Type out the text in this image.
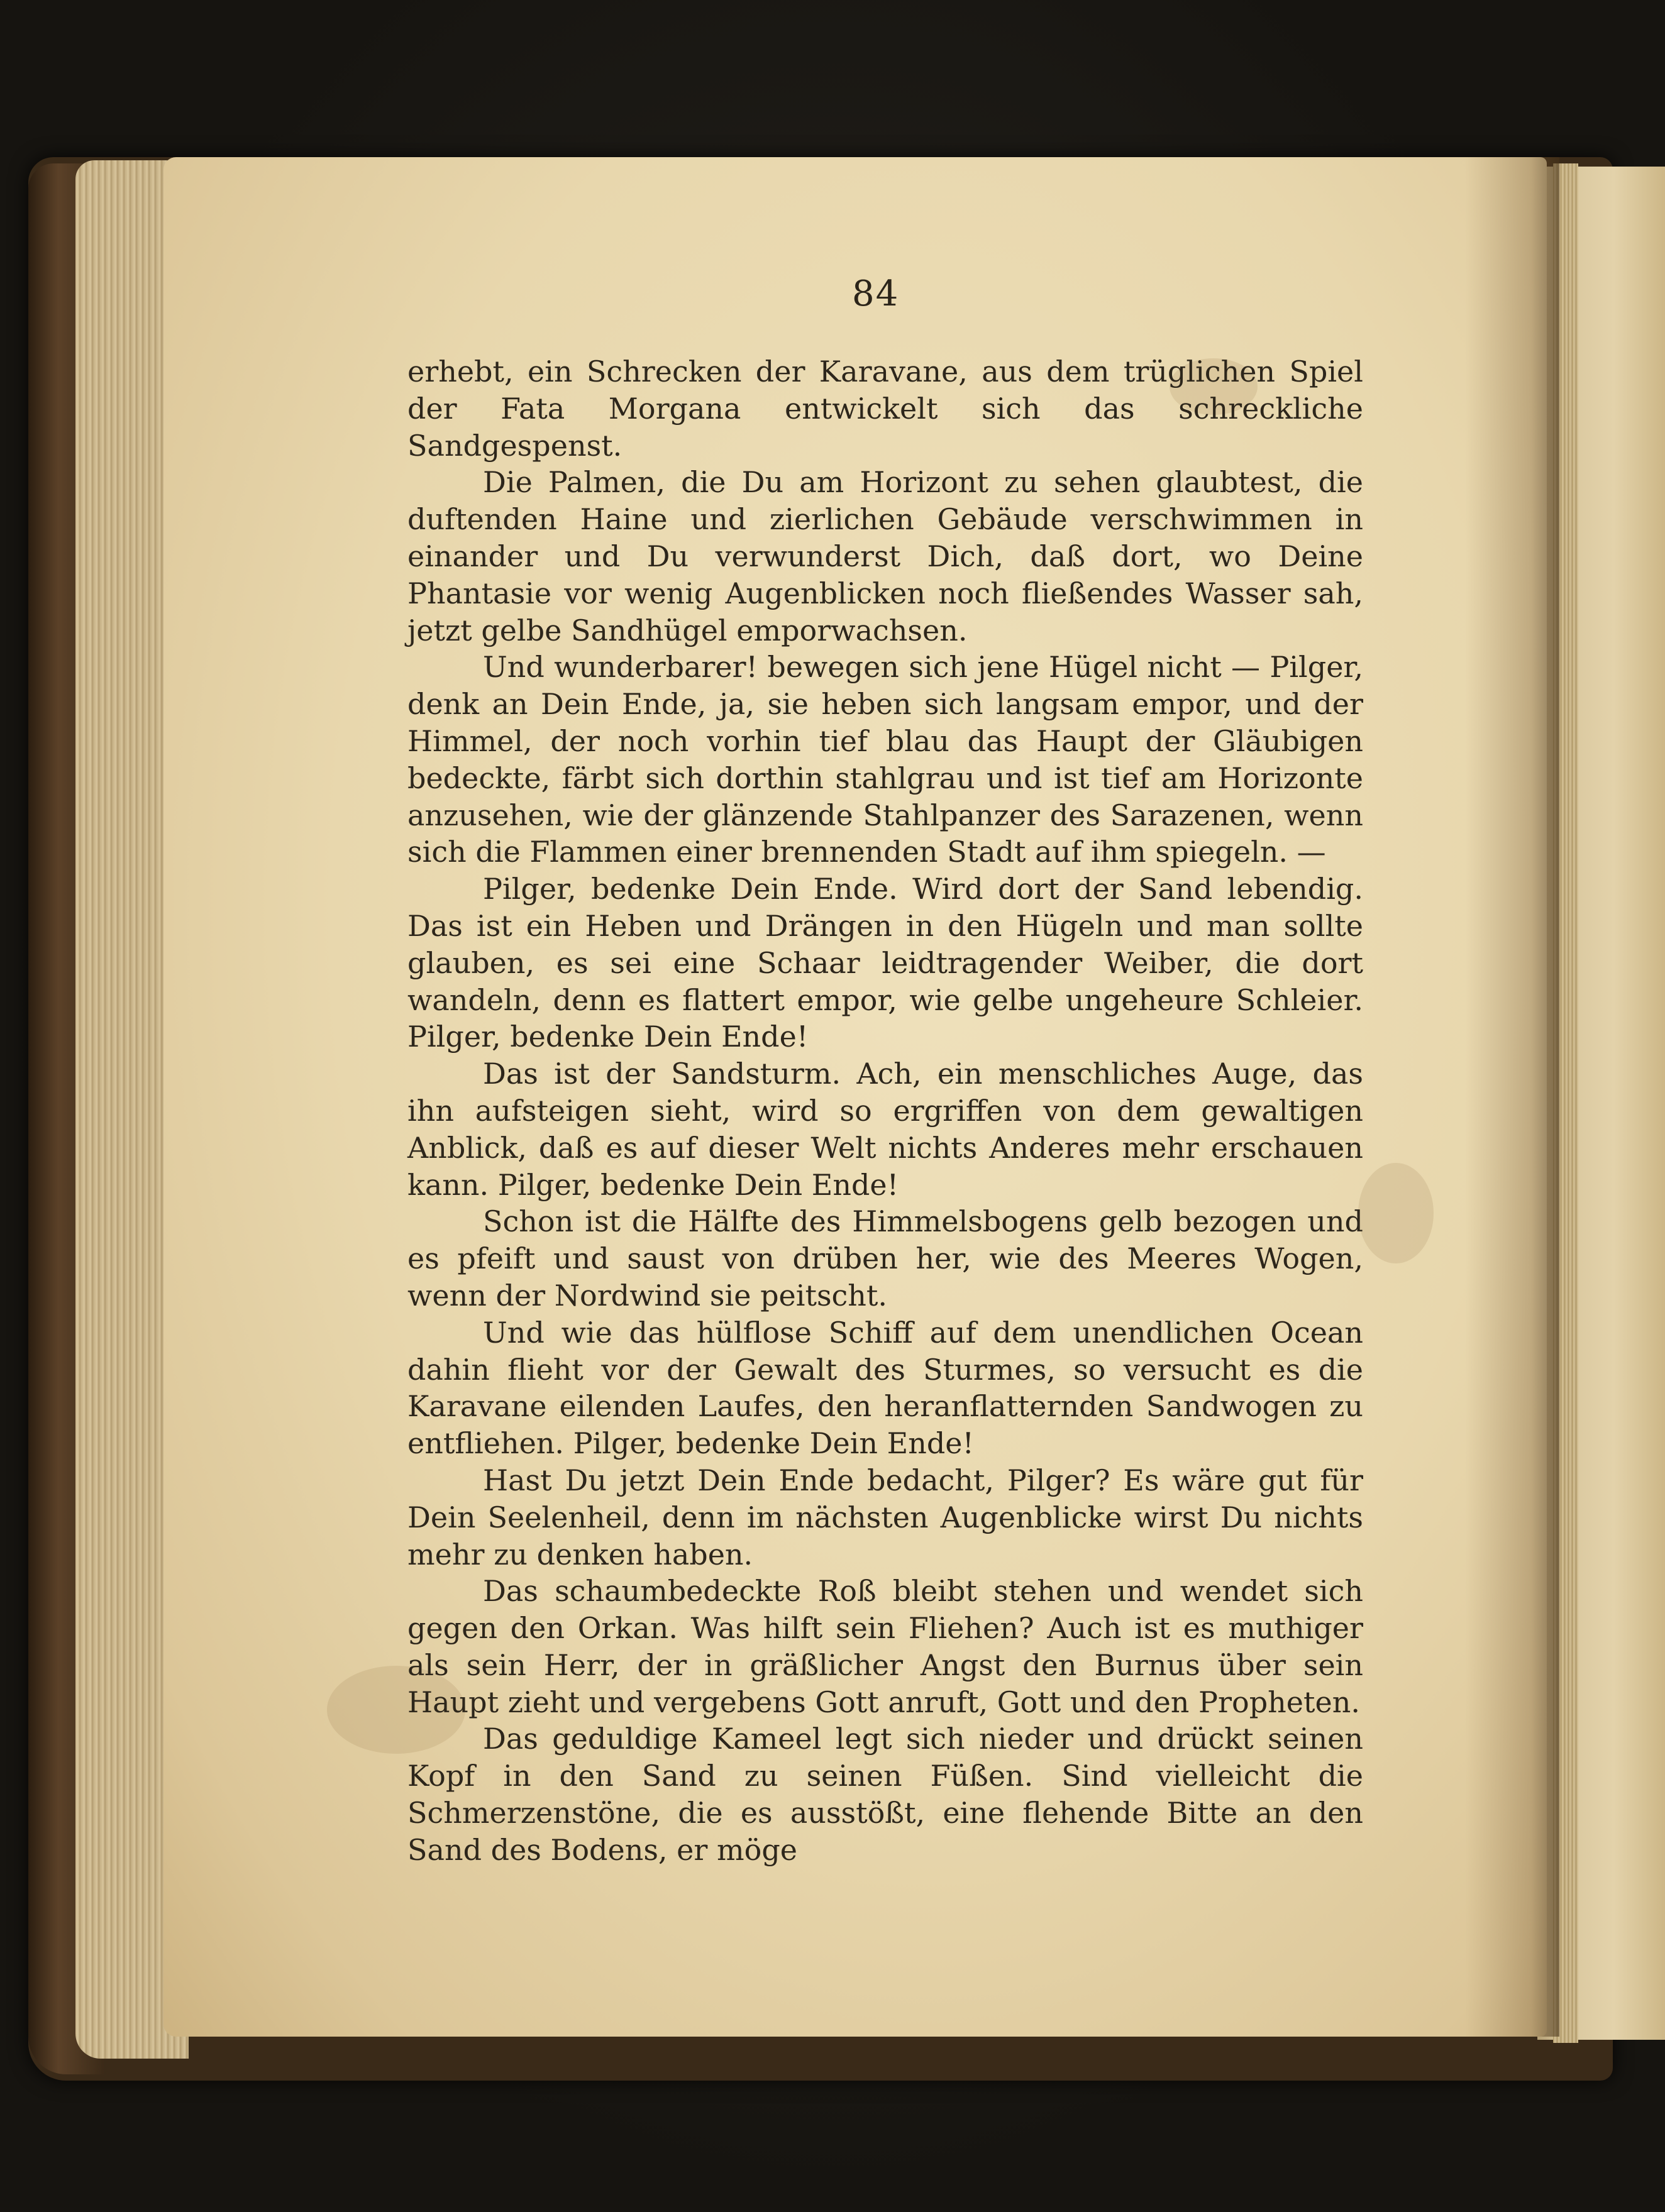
84

erhebt, ein Schrecken der Karavane, aus dem trüglichen Spiel der Fata Morgana entwickelt sich das schreckliche Sandgespenst.

Die Palmen, die Du am Horizont zu sehen glaubtest, die duftenden Haine und zierlichen Gebäude verschwimmen in einander und Du verwunderst Dich, daß dort, wo Deine Phantasie vor wenig Augenblicken noch fließendes Wasser sah, jetzt gelbe Sandhügel emporwachsen.

Und wunderbarer! bewegen sich jene Hügel nicht — Pilger, denk an Dein Ende, ja, sie heben sich langsam empor, und der Himmel, der noch vorhin tief blau das Haupt der Gläubigen bedeckte, färbt sich dorthin stahlgrau und ist tief am Horizonte anzusehen, wie der glänzende Stahlpanzer des Sarazenen, wenn sich die Flammen einer brennenden Stadt auf ihm spiegeln. —

Pilger, bedenke Dein Ende. Wird dort der Sand lebendig. Das ist ein Heben und Drängen in den Hügeln und man sollte glauben, es sei eine Schaar leidtragender Weiber, die dort wandeln, denn es flattert empor, wie gelbe ungeheure Schleier. Pilger, bedenke Dein Ende!

Das ist der Sandsturm. Ach, ein menschliches Auge, das ihn aufsteigen sieht, wird so ergriffen von dem gewaltigen Anblick, daß es auf dieser Welt nichts Anderes mehr erschauen kann. Pilger, bedenke Dein Ende!

Schon ist die Hälfte des Himmelsbogens gelb bezogen und es pfeift und saust von drüben her, wie des Meeres Wogen, wenn der Nordwind sie peitscht.

Und wie das hülflose Schiff auf dem unendlichen Ocean dahin flieht vor der Gewalt des Sturmes, so versucht es die Karavane eilenden Laufes, den heranflatternden Sandwogen zu entfliehen. Pilger, bedenke Dein Ende!

Hast Du jetzt Dein Ende bedacht, Pilger? Es wäre gut für Dein Seelenheil, denn im nächsten Augenblicke wirst Du nichts mehr zu denken haben.

Das schaumbedeckte Roß bleibt stehen und wendet sich gegen den Orkan. Was hilft sein Fliehen? Auch ist es muthiger als sein Herr, der in gräßlicher Angst den Burnus über sein Haupt zieht und vergebens Gott anruft, Gott und den Propheten.

Das geduldige Kameel legt sich nieder und drückt seinen Kopf in den Sand zu seinen Füßen. Sind vielleicht die Schmerzenstöne, die es ausstößt, eine flehende Bitte an den Sand des Bodens, er möge
